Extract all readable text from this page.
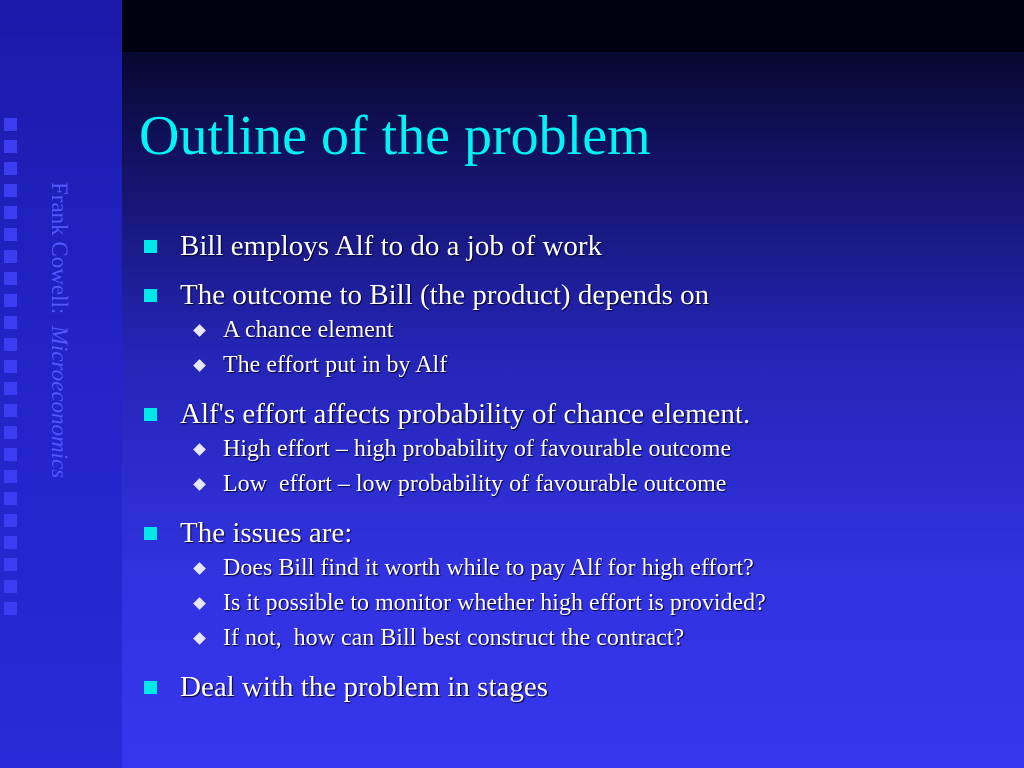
Frank Cowell:  Microeconomics
Outline of the problem
Bill employs Alf to do a job of work
The outcome to Bill (the product) depends on
A chance element
The effort put in by Alf
Alf's effort affects probability of chance element.
High effort – high probability of favourable outcome
Low  effort – low probability of favourable outcome
The issues are:
Does Bill find it worth while to pay Alf for high effort?
Is it possible to monitor whether high effort is provided?
If not,  how can Bill best construct the contract?
Deal with the problem in stages
